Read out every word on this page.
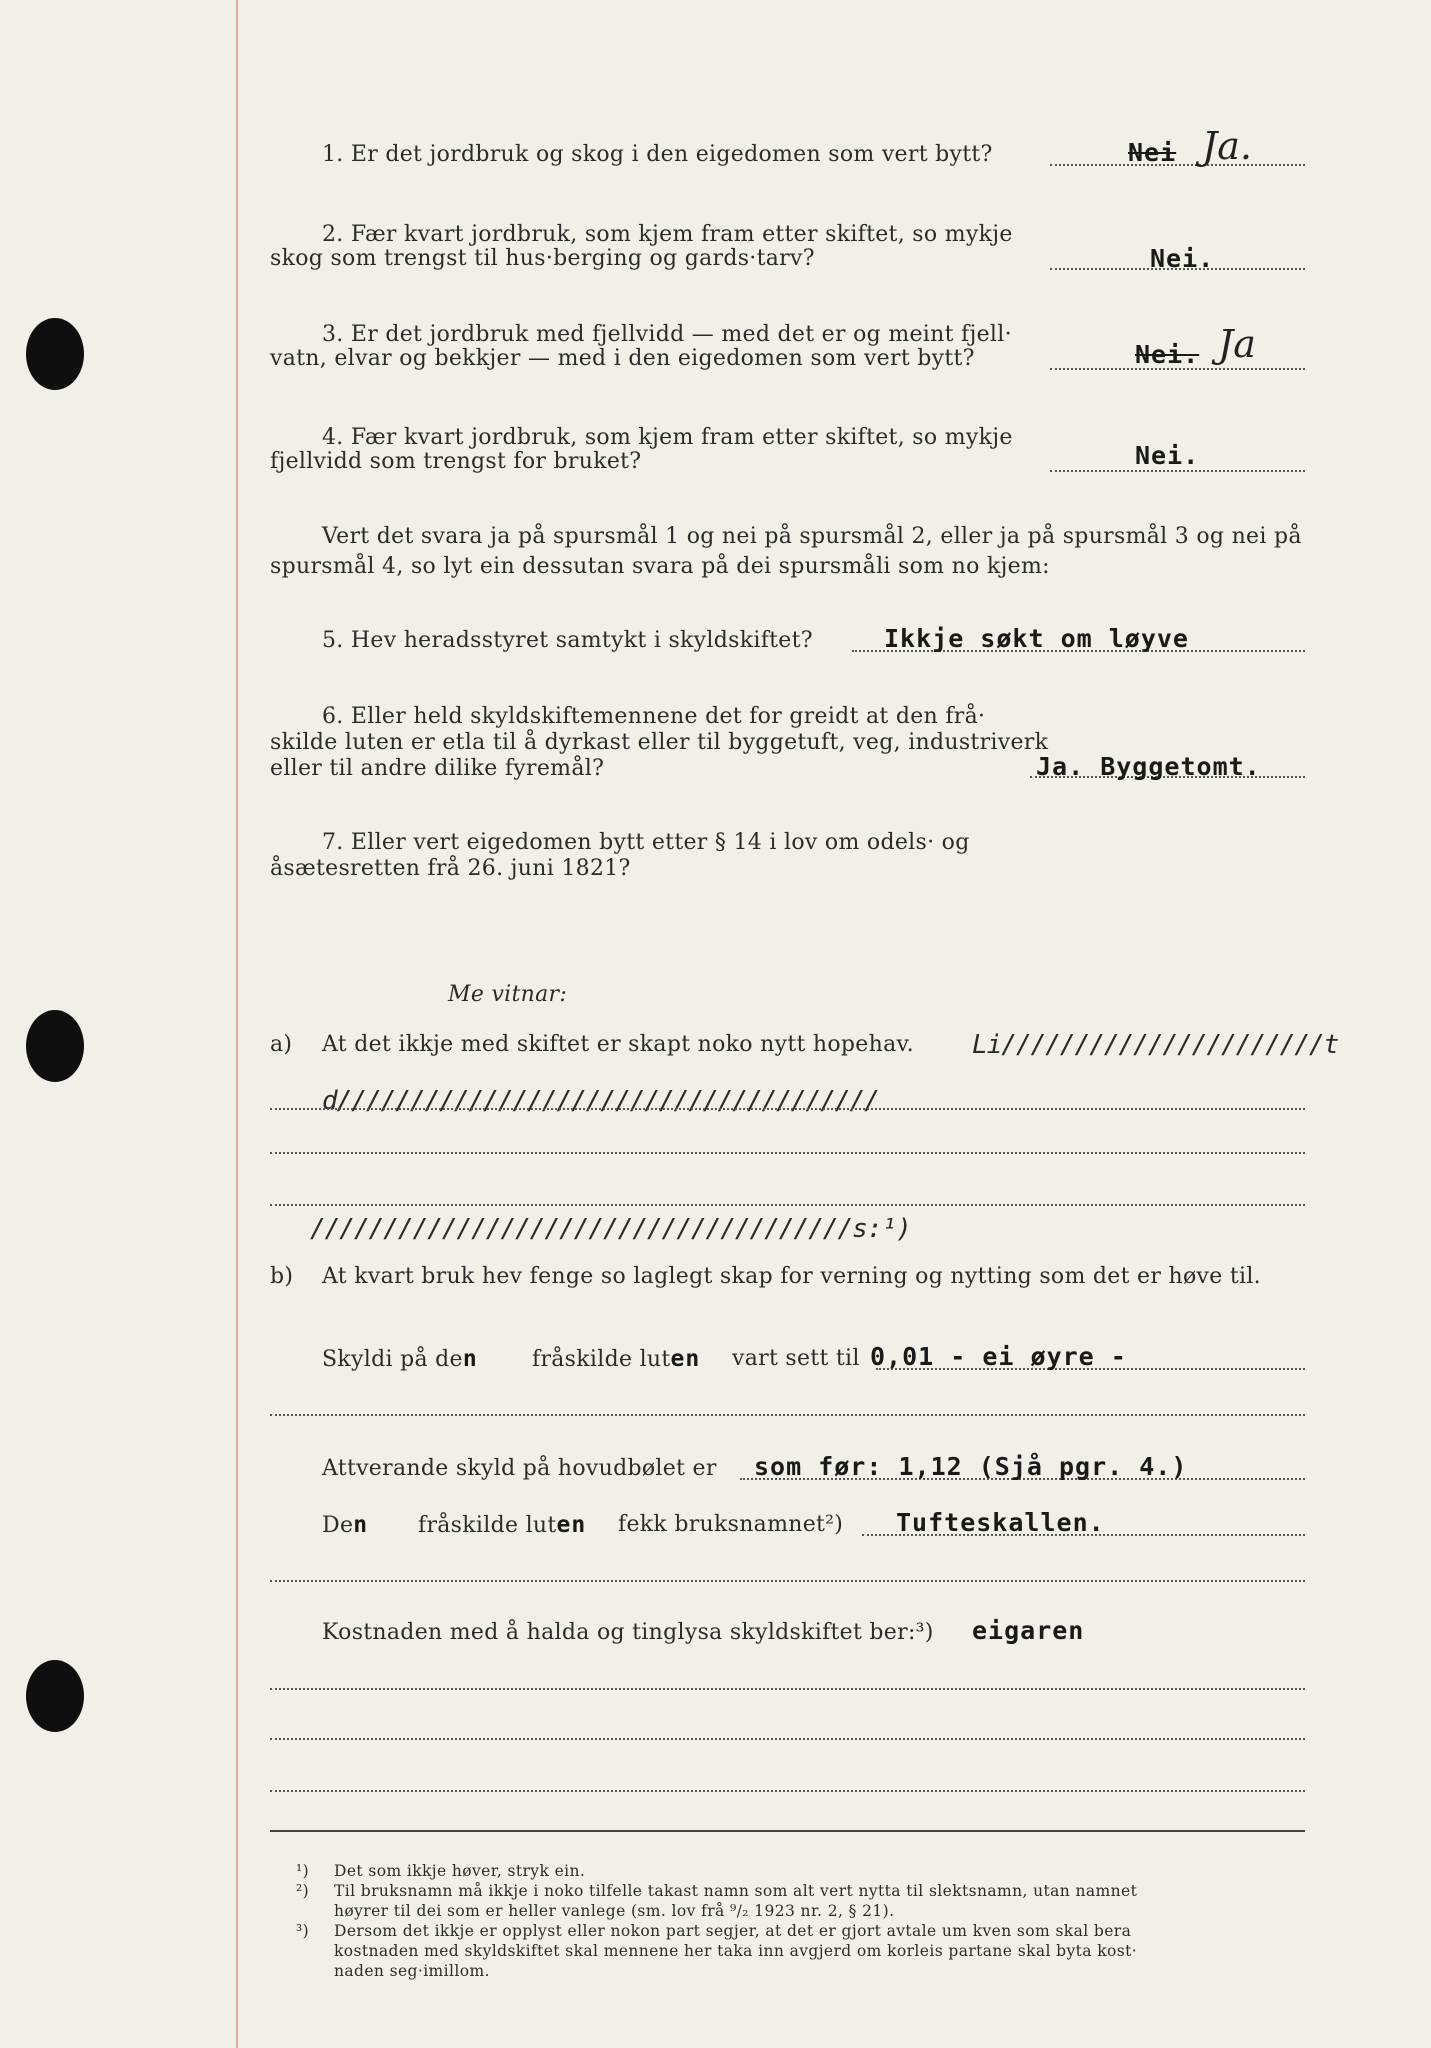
1. Er det jordbruk og skog i den eigedomen som vert bytt?	Nei Ja.
2. Fær kvart jordbruk, som kjem fram etter skiftet, so mykje
skog som trengst til hus·berging og gards·tarv?	Nei.
3. Er det jordbruk med fjellvidd — med det er og meint fjell·
vatn, elvar og bekkjer — med i den eigedomen som vert bytt?	Nei. Ja
4. Fær kvart jordbruk, som kjem fram etter skiftet, so mykje
fjellvidd som trengst for bruket?	Nei.
Vert det svara ja på spursmål 1 og nei på spursmål 2, eller ja på spursmål 3 og nei på
spursmål 4, so lyt ein dessutan svara på dei spursmåli som no kjem:
5. Hev heradsstyret samtykt i skyldskiftet?	Ikkje søkt om løyve
6. Eller held skyldskiftemennene det for greidt at den frå·
skilde luten er etla til å dyrkast eller til byggetuft, veg, industriverk
eller til andre dilike fyremål?	Ja. Byggetomt.
7. Eller vert eigedomen bytt etter § 14 i lov om odels· og
åsætesretten frå 26. juni 1821?
Me vitnar:
a) At det ikkje med skiftet er skapt noko nytt hopehav. Li//////////////////////t
d/////////////////////////////////////
/////////////////////////////////////s:¹)
b) At kvart bruk hev fenge so laglegt skap for verning og nytting som det er høve til.
Skyldi på den fråskilde luten vart sett til 0,01 - ei øyre -
Attverande skyld på hovudbølet er som før: 1,12 (Sjå pgr. 4.)
Den fråskilde luten fekk bruksnamnet²) Tufteskallen.
Kostnaden med å halda og tinglysa skyldskiftet ber:³) eigaren
¹) Det som ikkje høver, stryk ein.
²) Til bruksnamn må ikkje i noko tilfelle takast namn som alt vert nytta til slektsnamn, utan namnet
høyrer til dei som er heller vanlege (sm. lov frå ⁹/₂ 1923 nr. 2, § 21).
³) Dersom det ikkje er opplyst eller nokon part segjer, at det er gjort avtale um kven som skal bera
kostnaden med skyldskiftet skal mennene her taka inn avgjerd om korleis partane skal byta kost·
naden seg·imillom.
